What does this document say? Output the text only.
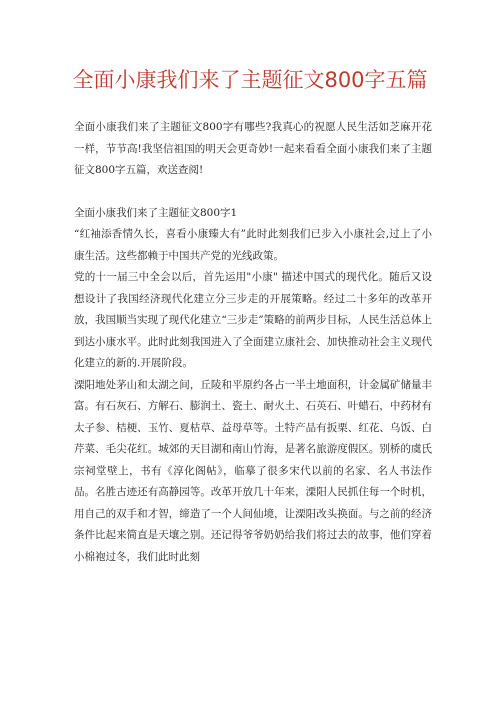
全面小康我们来了主题征文800字五篇

全面小康我们来了主题征文800字有哪些?我真心的祝愿人民生活如芝麻开花一样，节节高!我坚信祖国的明天会更奇妙!一起来看看全面小康我们来了主题征文800字五篇，欢送查阅!

全面小康我们来了主题征文800字1

“红袖添香情久长，喜看小康臻大有”此时此刻我们已步入小康社会,过上了小康生活。这些都赖于中国共产党的光线政策。

党的十一届三中全会以后，首先运用"小康" 描述中国式的现代化。随后又设想设计了我国经济现代化建立分三步走的开展策略。经过二十多年的改革开放，我国顺当实现了现代化建立“三步走”策略的前两步目标，人民生活总体上到达小康水平。此时此刻我国进入了全面建立康社会、加快推动社会主义现代化建立的新的.开展阶段。

溧阳地处茅山和太湖之间，丘陵和平原约各占一半土地面积，计金属矿储量丰富。有石灰石、方解石、膨润土、瓷土、耐火土、石英石、叶蜡石，中药材有太子参、桔梗、玉竹、夏枯草、益母草等。土特产品有扳栗、红花、乌饭、白芹菜、毛尖花红。城郊的天目湖和南山竹海，是著名旅游度假区。别桥的虞氏宗祠堂壁上，书有《淳化阁帖》，临摹了很多宋代以前的名家、名人书法作品。名胜古迹还有高静园等。改革开放几十年来，溧阳人民抓住每一个时机，用自己的双手和才智，缔造了一个人间仙境，让溧阳改头换面。与之前的经济条件比起来简直是天壤之别。还记得爷爷奶奶给我们将过去的故事，他们穿着小棉袍过冬，我们此时此刻
